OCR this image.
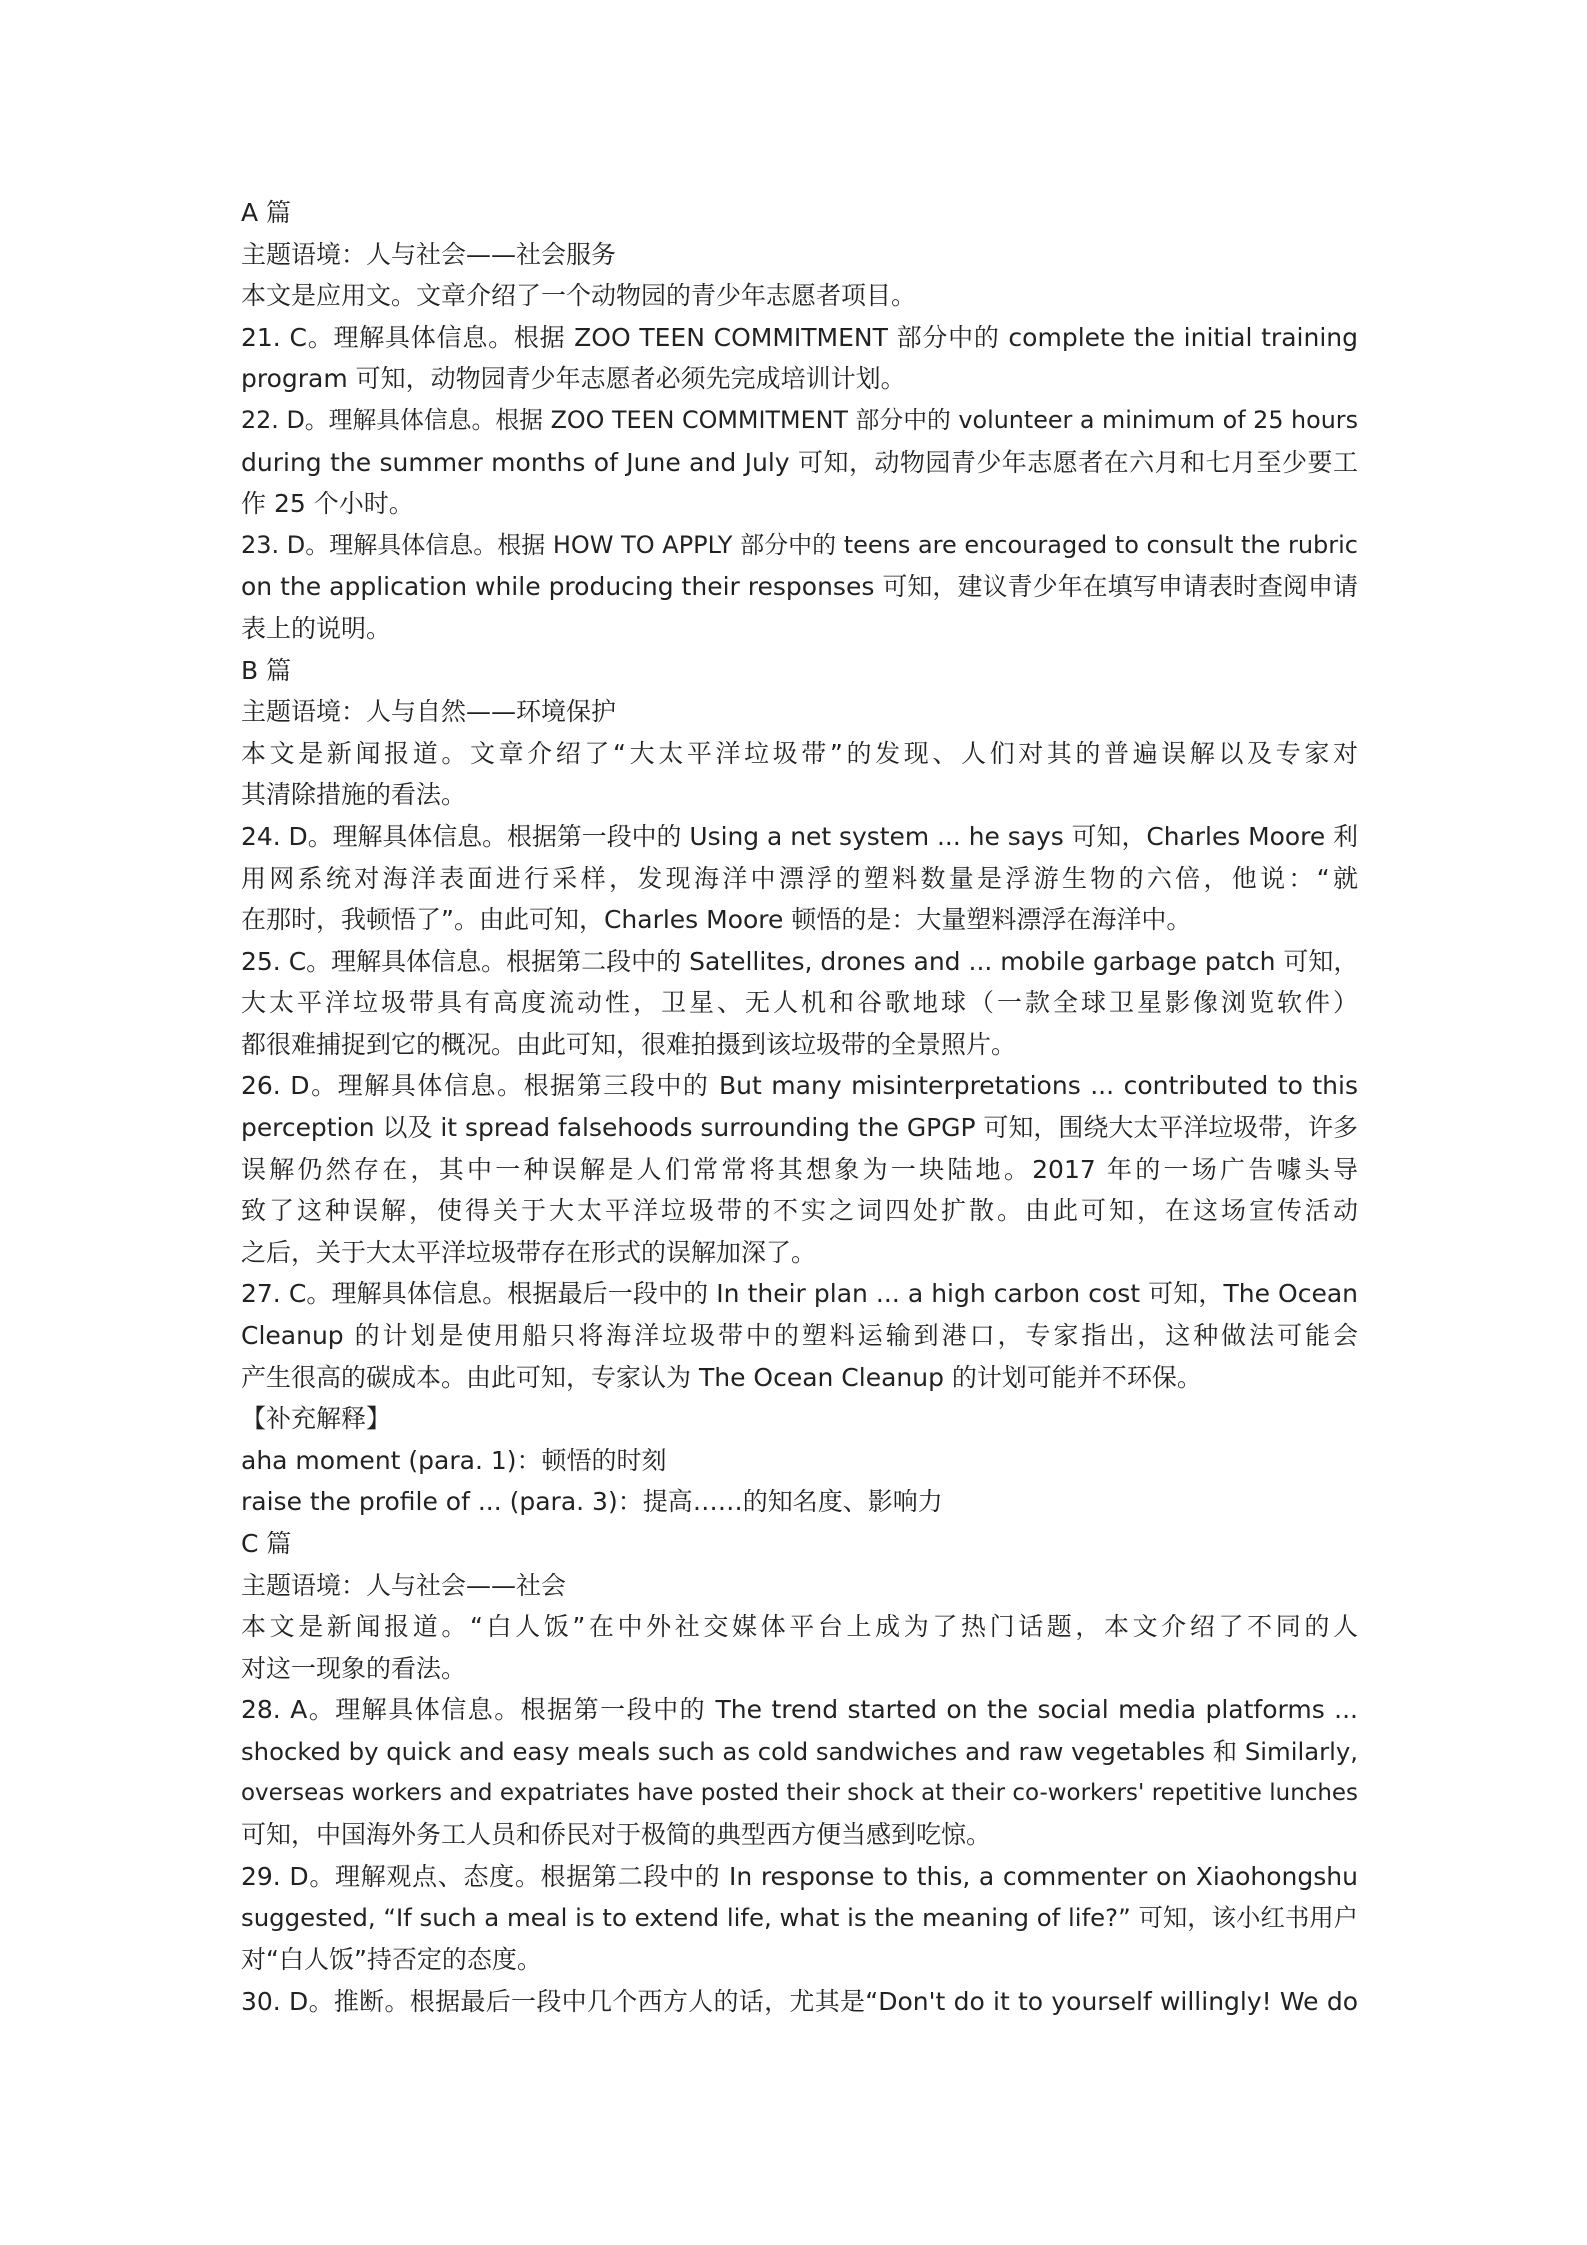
A 篇
主题语境：人与社会——社会服务
本文是应用文。文章介绍了一个动物园的青少年志愿者项目。
21. C。理解具体信息。根据 ZOO TEEN COMMITMENT 部分中的 complete the initial training
program 可知，动物园青少年志愿者必须先完成培训计划。
22. D。理解具体信息。根据 ZOO TEEN COMMITMENT 部分中的 volunteer a minimum of 25 hours
during the summer months of June and July 可知，动物园青少年志愿者在六月和七月至少要工
作 25 个小时。
23. D。理解具体信息。根据 HOW TO APPLY 部分中的 teens are encouraged to consult the rubric
on the application while producing their responses 可知，建议青少年在填写申请表时查阅申请
表上的说明。
B 篇
主题语境：人与自然——环境保护
本文是新闻报道。文章介绍了“大太平洋垃圾带”的发现、人们对其的普遍误解以及专家对
其清除措施的看法。
24. D。理解具体信息。根据第一段中的 Using a net system ... he says 可知，Charles Moore 利
用网系统对海洋表面进行采样，发现海洋中漂浮的塑料数量是浮游生物的六倍，他说：“就
在那时，我顿悟了”。由此可知，Charles Moore 顿悟的是：大量塑料漂浮在海洋中。
25. C。理解具体信息。根据第二段中的 Satellites, drones and ... mobile garbage patch 可知，
大太平洋垃圾带具有高度流动性，卫星、无人机和谷歌地球（一款全球卫星影像浏览软件）
都很难捕捉到它的概况。由此可知，很难拍摄到该垃圾带的全景照片。
26. D。理解具体信息。根据第三段中的 But many misinterpretations ... contributed to this
perception 以及 it spread falsehoods surrounding the GPGP 可知，围绕大太平洋垃圾带，许多
误解仍然存在，其中一种误解是人们常常将其想象为一块陆地。2017 年的一场广告噱头导
致了这种误解，使得关于大太平洋垃圾带的不实之词四处扩散。由此可知，在这场宣传活动
之后，关于大太平洋垃圾带存在形式的误解加深了。
27. C。理解具体信息。根据最后一段中的 In their plan ... a high carbon cost 可知，The Ocean
Cleanup 的计划是使用船只将海洋垃圾带中的塑料运输到港口，专家指出，这种做法可能会
产生很高的碳成本。由此可知，专家认为 The Ocean Cleanup 的计划可能并不环保。
【补充解释】
aha moment (para. 1)：顿悟的时刻
raise the profile of ... (para. 3)：提高……的知名度、影响力
C 篇
主题语境：人与社会——社会
本文是新闻报道。“白人饭”在中外社交媒体平台上成为了热门话题，本文介绍了不同的人
对这一现象的看法。
28. A。理解具体信息。根据第一段中的 The trend started on the social media platforms ...
shocked by quick and easy meals such as cold sandwiches and raw vegetables 和 Similarly,
overseas workers and expatriates have posted their shock at their co-workers' repetitive lunches
可知，中国海外务工人员和侨民对于极简的典型西方便当感到吃惊。
29. D。理解观点、态度。根据第二段中的 In response to this, a commenter on Xiaohongshu
suggested, “If such a meal is to extend life, what is the meaning of life?” 可知，该小红书用户
对“白人饭”持否定的态度。
30. D。推断。根据最后一段中几个西方人的话，尤其是“Don't do it to yourself willingly! We do
